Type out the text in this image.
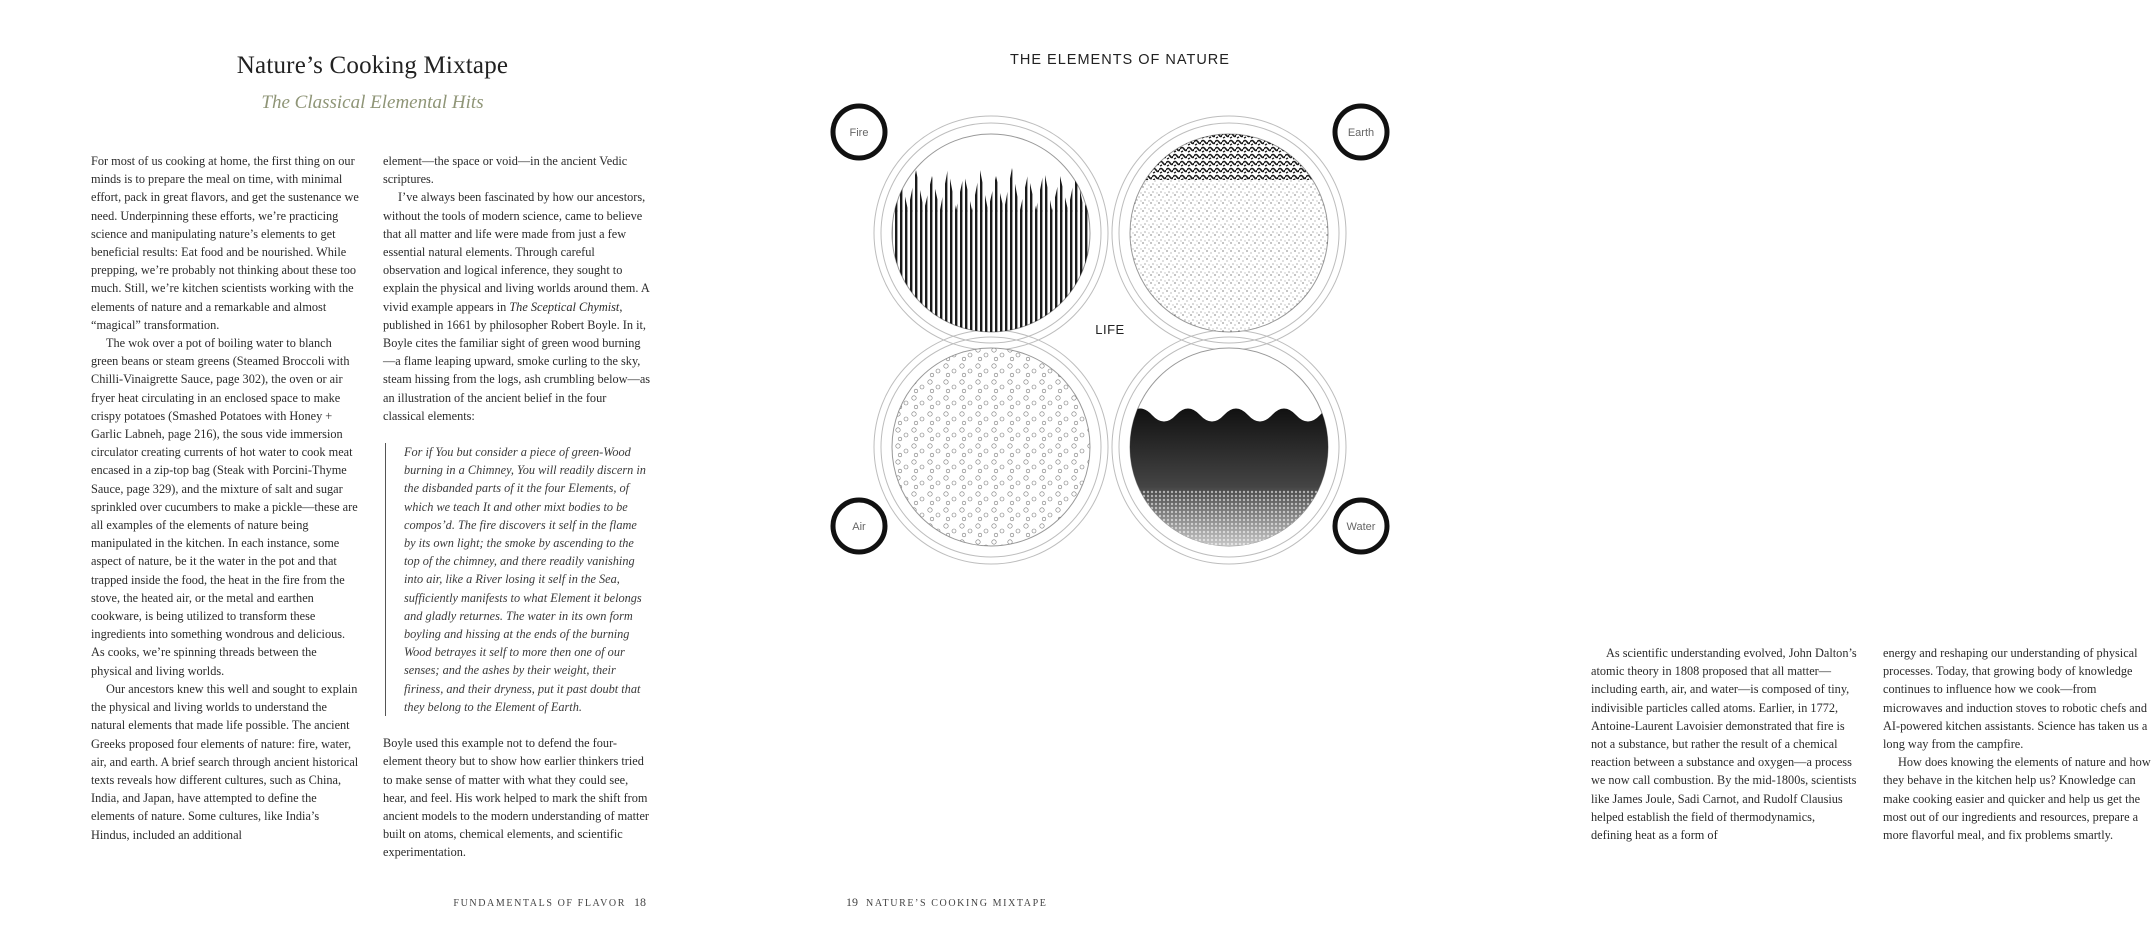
Nature’s Cooking Mixtape
The Classical Elemental Hits

For most of us cooking at home, the first thing on our minds is to prepare the meal on time, with minimal effort, pack in great flavors, and get the sustenance we need. Underpinning these efforts, we’re practicing science and manipulating nature’s elements to get beneficial results: Eat food and be nourished. While prepping, we’re probably not thinking about these too much. Still, we’re kitchen scientists working with the elements of nature and a remarkable and almost “magical” transformation.

The wok over a pot of boiling water to blanch green beans or steam greens (Steamed Broccoli with Chilli-Vinaigrette Sauce, page 302), the oven or air fryer heat circulating in an enclosed space to make crispy potatoes (Smashed Potatoes with Honey + Garlic Labneh, page 216), the sous vide immersion circulator creating currents of hot water to cook meat encased in a zip-top bag (Steak with Porcini-Thyme Sauce, page 329), and the mixture of salt and sugar sprinkled over cucumbers to make a pickle—these are all examples of the elements of nature being manipulated in the kitchen. In each instance, some aspect of nature, be it the water in the pot and that trapped inside the food, the heat in the fire from the stove, the heated air, or the metal and earthen cookware, is being utilized to transform these ingredients into something wondrous and delicious. As cooks, we’re spinning threads between the physical and living worlds.

Our ancestors knew this well and sought to explain the physical and living worlds to understand the natural elements that made life possible. The ancient Greeks proposed four elements of nature: fire, water, air, and earth. A brief search through ancient historical texts reveals how different cultures, such as China, India, and Japan, have attempted to define the elements of nature. Some cultures, like India’s Hindus, included an additional

element—the space or void—in the ancient Vedic scriptures.

I’ve always been fascinated by how our ancestors, without the tools of modern science, came to believe that all matter and life were made from just a few essential natural elements. Through careful observation and logical inference, they sought to explain the physical and living worlds around them. A vivid example appears in The Sceptical Chymist, published in 1661 by philosopher Robert Boyle. In it, Boyle cites the familiar sight of green wood burning—a flame leaping upward, smoke curling to the sky, steam hissing from the logs, ash crumbling below—as an illustration of the ancient belief in the four classical elements:

For if You but consider a piece of green-Wood burning in a Chimney, You will readily discern in the disbanded parts of it the four Elements, of which we teach It and other mixt bodies to be compos’d. The fire discovers it self in the flame by its own light; the smoke by ascending to the top of the chimney, and there readily vanishing into air, like a River losing it self in the Sea, sufficiently manifests to what Element it belongs and gladly returnes. The water in its own form boyling and hissing at the ends of the burning Wood betrayes it self to more then one of our senses; and the ashes by their weight, their firiness, and their dryness, put it past doubt that they belong to the Element of Earth.

Boyle used this example not to defend the four-element theory but to show how earlier thinkers tried to make sense of matter with what they could see, hear, and feel. His work helped to mark the shift from ancient models to the modern understanding of matter built on atoms, chemical elements, and scientific experimentation.

FUNDAMENTALS OF FLAVOR 18
THE ELEMENTS OF NATURE
Fire	Earth
Air	Water
LIFE

As scientific understanding evolved, John Dalton’s atomic theory in 1808 proposed that all matter—including earth, air, and water—is composed of tiny, indivisible particles called atoms. Earlier, in 1772, Antoine-Laurent Lavoisier demonstrated that fire is not a substance, but rather the result of a chemical reaction between a substance and oxygen—a process we now call combustion. By the mid-1800s, scientists like James Joule, Sadi Carnot, and Rudolf Clausius helped establish the field of thermodynamics, defining heat as a form of

energy and reshaping our understanding of physical processes. Today, that growing body of knowledge continues to influence how we cook—from microwaves and induction stoves to robotic chefs and AI-powered kitchen assistants. Science has taken us a long way from the campfire.

How does knowing the elements of nature and how they behave in the kitchen help us? Knowledge can make cooking easier and quicker and help us get the most out of our ingredients and resources, prepare a more flavorful meal, and fix problems smartly.

19 NATURE’S COOKING MIXTAPE
